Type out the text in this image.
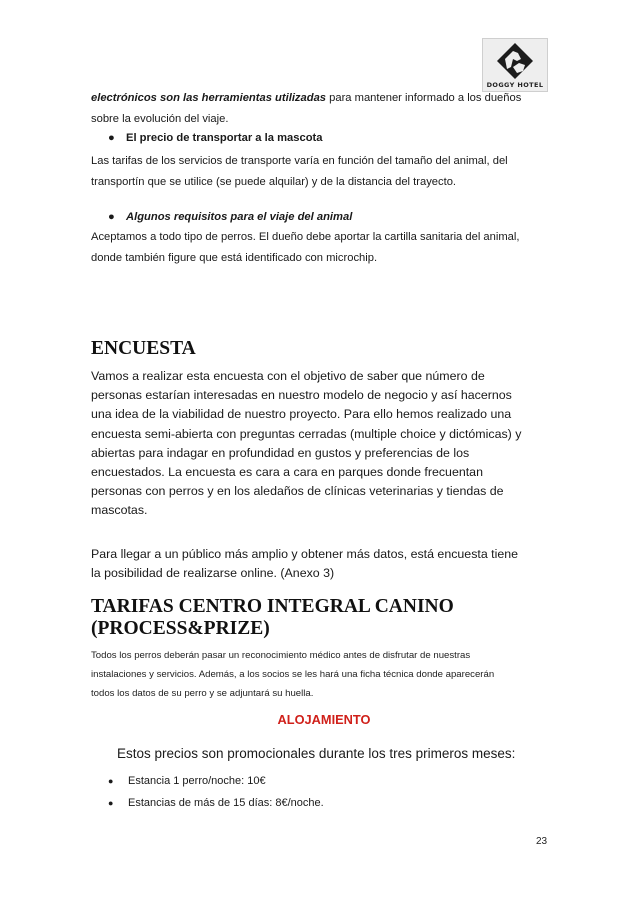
DOGGY HOTEL
electrónicos son las herramientas utilizadas para mantener informado a los dueños
sobre la evolución del viaje.
● El precio de transportar a la mascota
Las tarifas de los servicios de transporte varía en función del tamaño del animal, del
transportín que se utilice (se puede alquilar) y de la distancia del trayecto.
● Algunos requisitos para el viaje del animal
Aceptamos a todo tipo de perros. El dueño debe aportar la cartilla sanitaria del animal,
donde también figure que está identificado con microchip.
ENCUESTA
Vamos a realizar esta encuesta con el objetivo de saber que número de
personas estarían interesadas en nuestro modelo de negocio y así hacernos
una idea de la viabilidad de nuestro proyecto. Para ello hemos realizado una
encuesta semi-abierta con preguntas cerradas (multiple choice y dictómicas) y
abiertas para indagar en profundidad en gustos y preferencias de los
encuestados. La encuesta es cara a cara en parques donde frecuentan
personas con perros y en los aledaños de clínicas veterinarias y tiendas de
mascotas.
Para llegar a un público más amplio y obtener más datos, está encuesta tiene
la posibilidad de realizarse online. (Anexo 3)
TARIFAS CENTRO INTEGRAL CANINO
(PROCESS&PRIZE)
Todos los perros deberán pasar un reconocimiento médico antes de disfrutar de nuestras
instalaciones y servicios. Además, a los socios se les hará una ficha técnica donde aparecerán
todos los datos de su perro y se adjuntará su huella.
ALOJAMIENTO
Estos precios son promocionales durante los tres primeros meses:
● Estancia 1 perro/noche: 10€
● Estancias de más de 15 días: 8€/noche.
23
